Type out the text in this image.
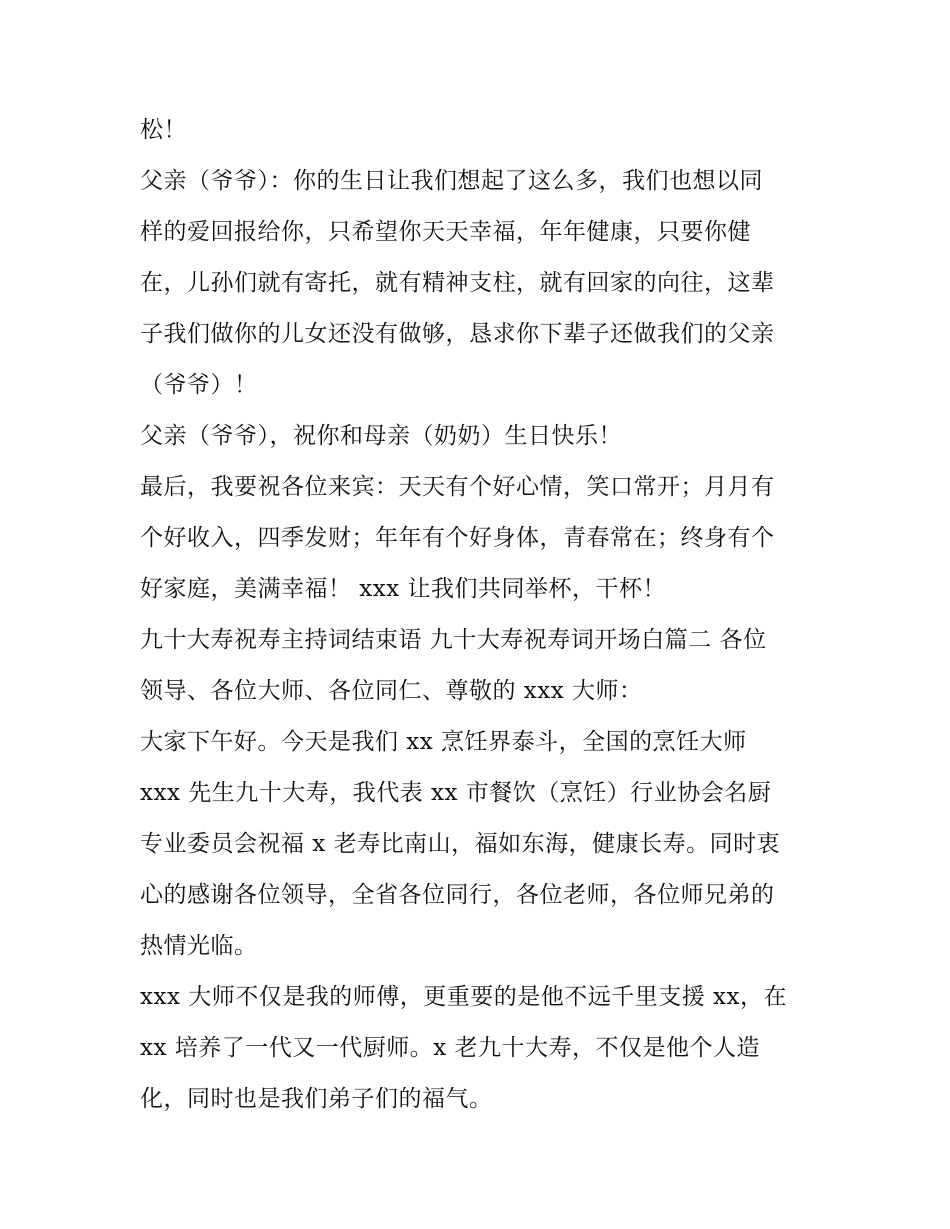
松！
父亲（爷爷）：你的生日让我们想起了这么多，我们也想以同
样的爱回报给你，只希望你天天幸福，年年健康，只要你健
在，儿孙们就有寄托，就有精神支柱，就有回家的向往，这辈
子我们做你的儿女还没有做够，恳求你下辈子还做我们的父亲
（爷爷）！
父亲（爷爷），祝你和母亲（奶奶）生日快乐！
最后，我要祝各位来宾：天天有个好心情，笑口常开；月月有
个好收入，四季发财；年年有个好身体，青春常在；终身有个
好家庭，美满幸福！ xxx 让我们共同举杯，干杯！
九十大寿祝寿主持词结束语 九十大寿祝寿词开场白篇二 各位
领导、各位大师、各位同仁、尊敬的 xxx 大师：
大家下午好。今天是我们 xx 烹饪界泰斗，全国的烹饪大师
xxx 先生九十大寿，我代表 xx 市餐饮（烹饪）行业协会名厨
专业委员会祝福 x 老寿比南山，福如东海，健康长寿。同时衷
心的感谢各位领导，全省各位同行，各位老师，各位师兄弟的
热情光临。
xxx 大师不仅是我的师傅，更重要的是他不远千里支援 xx，在
xx 培养了一代又一代厨师。x 老九十大寿，不仅是他个人造
化，同时也是我们弟子们的福气。
